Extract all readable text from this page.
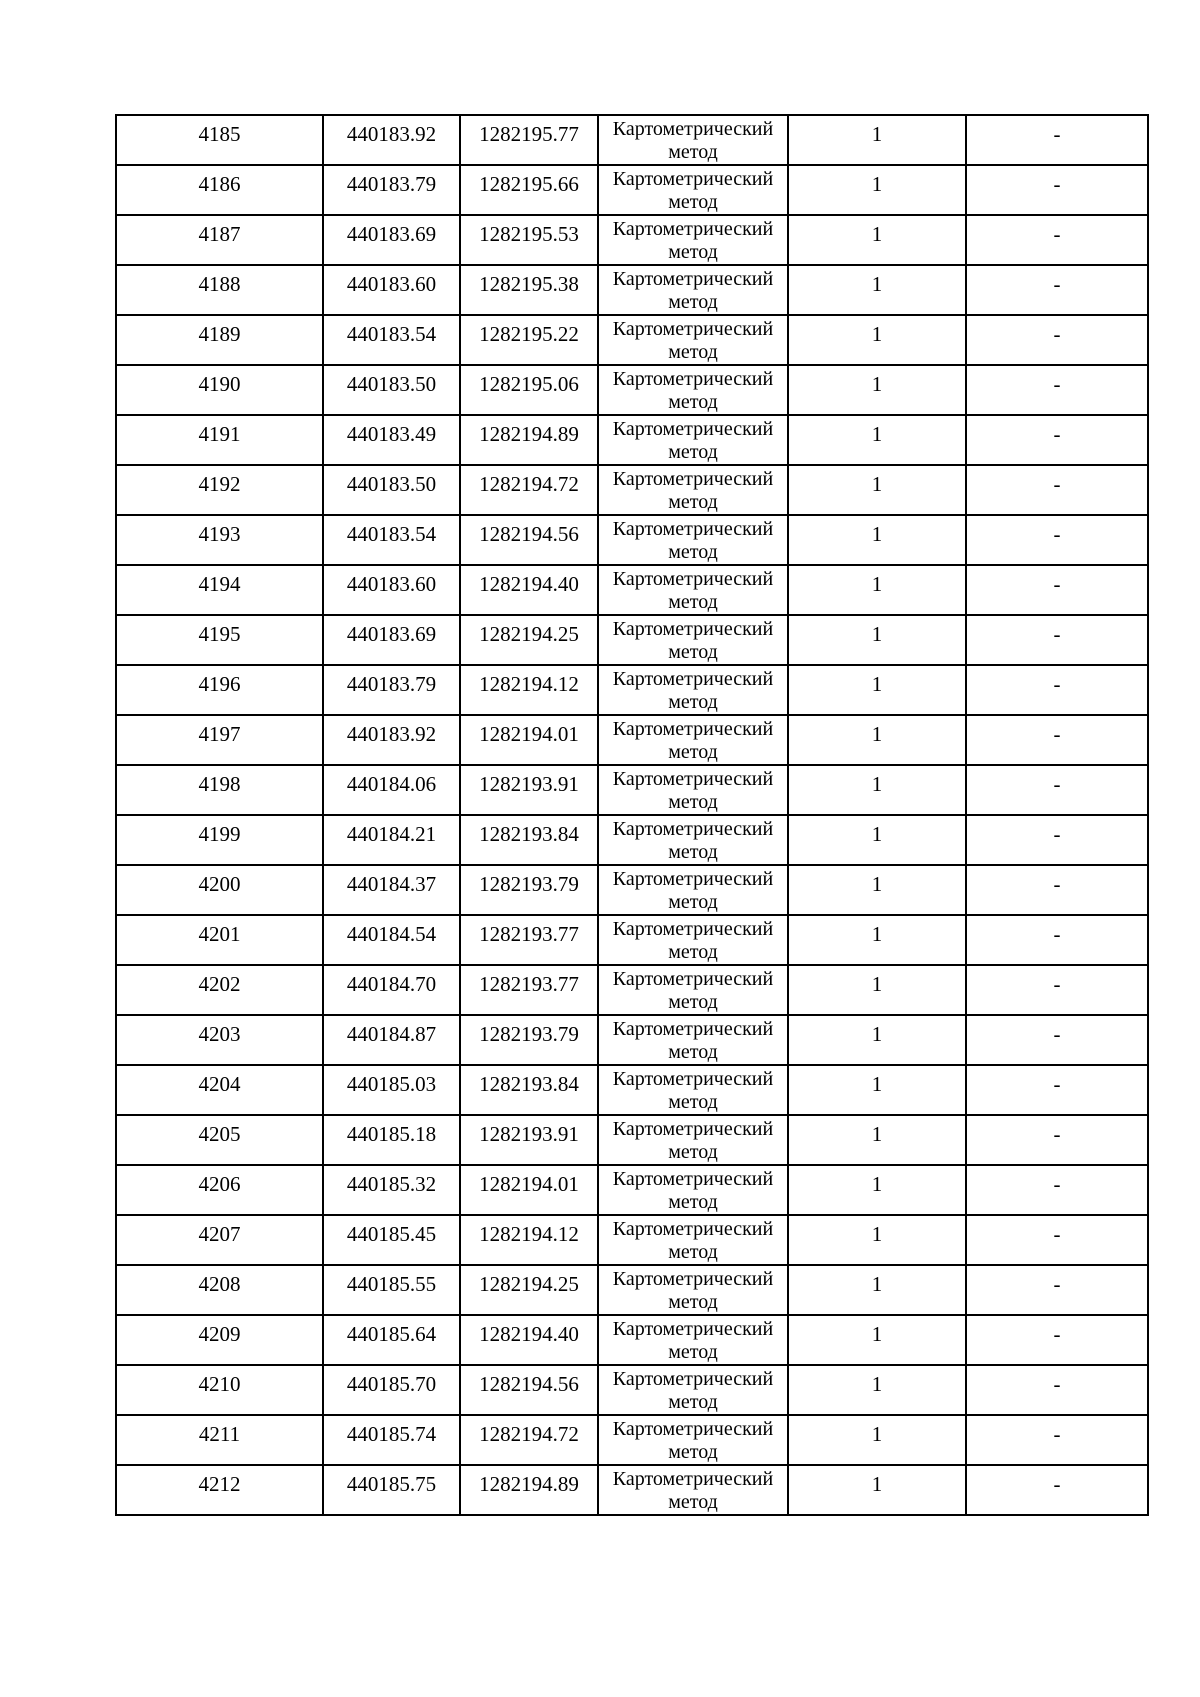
4185	440183.92	1282195.77	Картометрический
метод	1	-

4186	440183.79	1282195.66	Картометрический
метод	1	-

4187	440183.69	1282195.53	Картометрический
метод	1	-

4188	440183.60	1282195.38	Картометрический
метод	1	-

4189	440183.54	1282195.22	Картометрический
метод	1	-

4190	440183.50	1282195.06	Картометрический
метод	1	-

4191	440183.49	1282194.89	Картометрический
метод	1	-

4192	440183.50	1282194.72	Картометрический
метод	1	-

4193	440183.54	1282194.56	Картометрический
метод	1	-

4194	440183.60	1282194.40	Картометрический
метод	1	-

4195	440183.69	1282194.25	Картометрический
метод	1	-

4196	440183.79	1282194.12	Картометрический
метод	1	-

4197	440183.92	1282194.01	Картометрический
метод	1	-

4198	440184.06	1282193.91	Картометрический
метод	1	-

4199	440184.21	1282193.84	Картометрический
метод	1	-

4200	440184.37	1282193.79	Картометрический
метод	1	-

4201	440184.54	1282193.77	Картометрический
метод	1	-

4202	440184.70	1282193.77	Картометрический
метод	1	-

4203	440184.87	1282193.79	Картометрический
метод	1	-

4204	440185.03	1282193.84	Картометрический
метод	1	-

4205	440185.18	1282193.91	Картометрический
метод	1	-

4206	440185.32	1282194.01	Картометрический
метод	1	-

4207	440185.45	1282194.12	Картометрический
метод	1	-

4208	440185.55	1282194.25	Картометрический
метод	1	-

4209	440185.64	1282194.40	Картометрический
метод	1	-

4210	440185.70	1282194.56	Картометрический
метод	1	-

4211	440185.74	1282194.72	Картометрический
метод	1	-

4212	440185.75	1282194.89	Картометрический
метод	1	-
